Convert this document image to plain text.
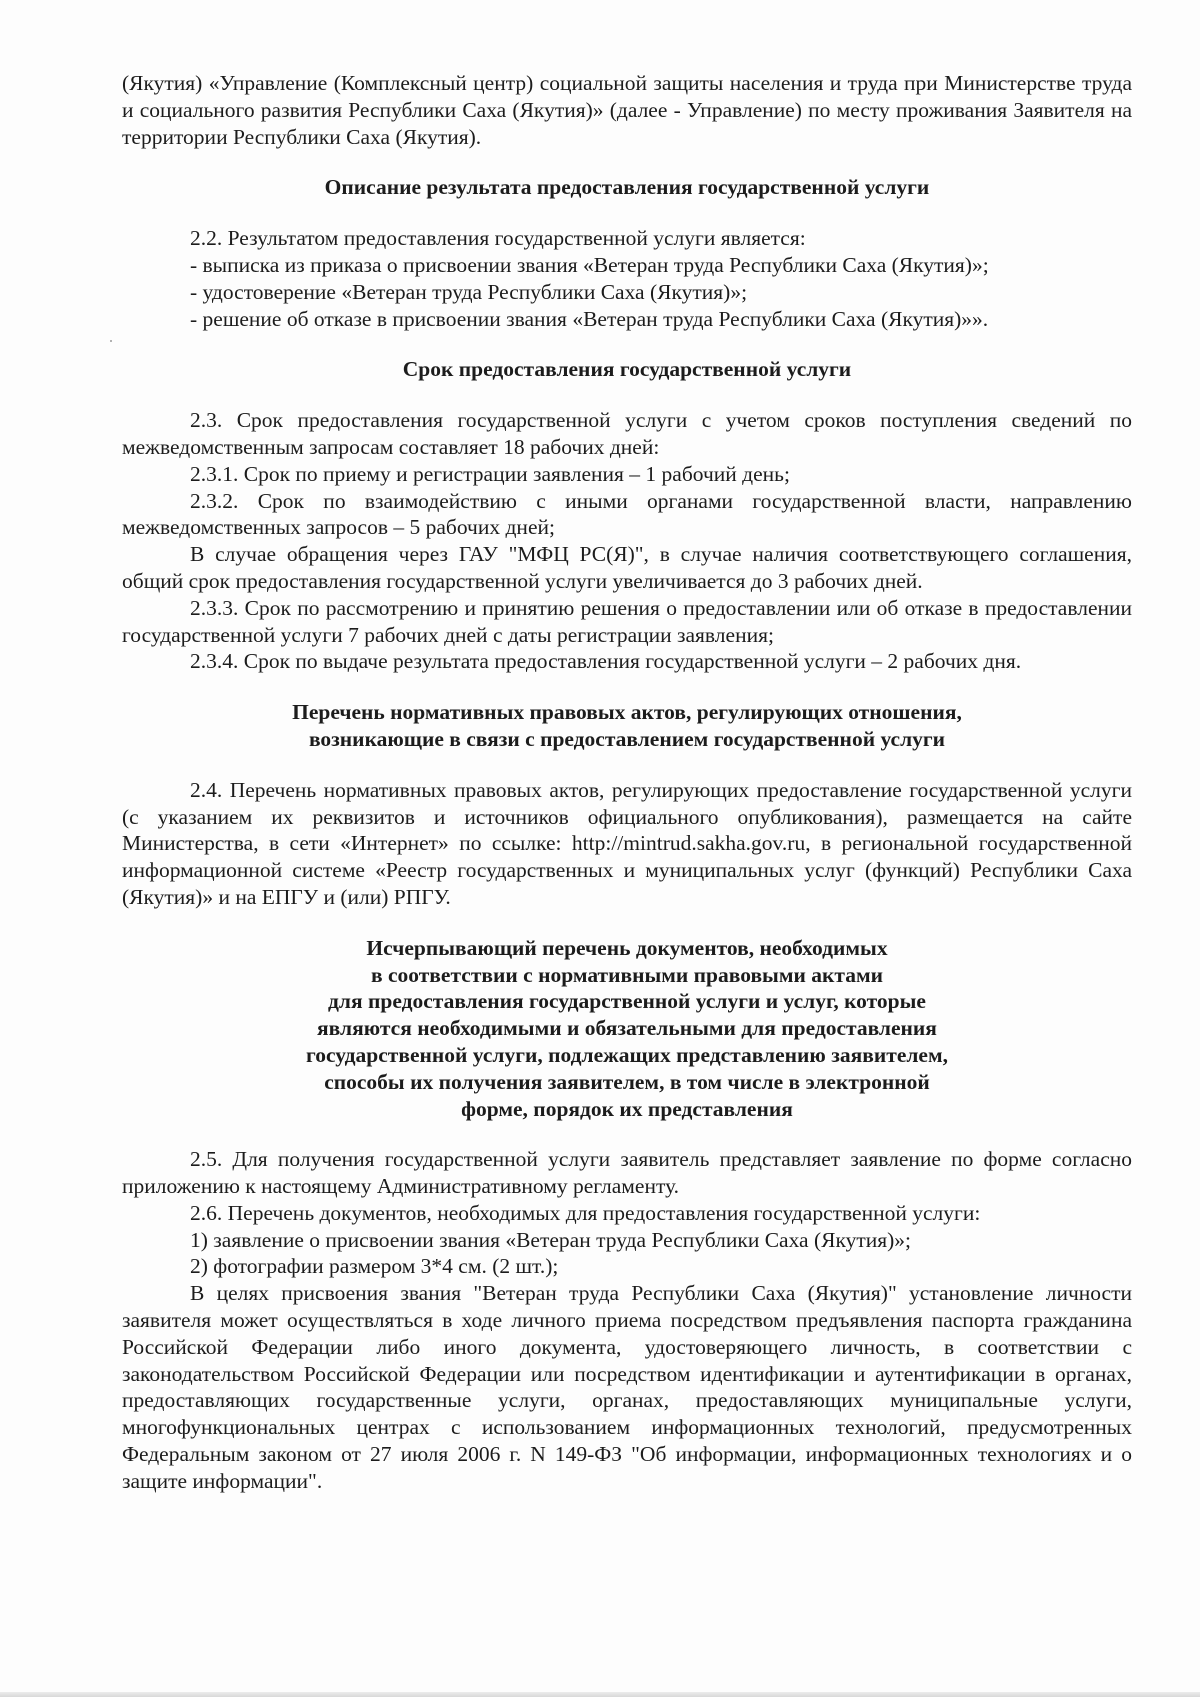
(Якутия) «Управление (Комплексный центр) социальной защиты населения и труда при Министерстве труда и социального развития Республики Саха (Якутия)» (далее - Управление) по месту проживания Заявителя на территории Республики Саха (Якутия).

Описание результата предоставления государственной услуги

2.2. Результатом предоставления государственной услуги является:

- выписка из приказа о присвоении звания «Ветеран труда Республики Саха (Якутия)»;

- удостоверение «Ветеран труда Республики Саха (Якутия)»;

- решение об отказе в присвоении звания «Ветеран труда Республики Саха (Якутия)»».

Срок предоставления государственной услуги

2.3. Срок предоставления государственной услуги с учетом сроков поступления сведений по межведомственным запросам составляет 18 рабочих дней:

2.3.1. Срок по приему и регистрации заявления – 1 рабочий день;

2.3.2. Срок по взаимодействию с иными органами государственной власти, направлению межведомственных запросов – 5 рабочих дней;

В случае обращения через ГАУ "МФЦ РС(Я)", в случае наличия соответствующего соглашения, общий срок предоставления государственной услуги увеличивается до 3 рабочих дней.

2.3.3. Срок по рассмотрению и принятию решения о предоставлении или об отказе в предоставлении государственной услуги 7 рабочих дней с даты регистрации заявления;

2.3.4. Срок по выдаче результата предоставления государственной услуги – 2 рабочих дня.

Перечень нормативных правовых актов, регулирующих отношения,
возникающие в связи с предоставлением государственной услуги

2.4. Перечень нормативных правовых актов, регулирующих предоставление государственной услуги (с указанием их реквизитов и источников официального опубликования), размещается на сайте Министерства, в сети «Интернет» по ссылке: http://mintrud.sakha.gov.ru, в региональной государственной информационной системе «Реестр государственных и муниципальных услуг (функций) Республики Саха (Якутия)» и на ЕПГУ и (или) РПГУ.

Исчерпывающий перечень документов, необходимых
в соответствии с нормативными правовыми актами
для предоставления государственной услуги и услуг, которые
являются необходимыми и обязательными для предоставления
государственной услуги, подлежащих представлению заявителем,
способы их получения заявителем, в том числе в электронной
форме, порядок их представления

2.5. Для получения государственной услуги заявитель представляет заявление по форме согласно приложению к настоящему Административному регламенту.

2.6. Перечень документов, необходимых для предоставления государственной услуги:

1) заявление о присвоении звания «Ветеран труда Республики Саха (Якутия)»;

2) фотографии размером 3*4 см. (2 шт.);

В целях присвоения звания "Ветеран труда Республики Саха (Якутия)" установление личности заявителя может осуществляться в ходе личного приема посредством предъявления паспорта гражданина Российской Федерации либо иного документа, удостоверяющего личность, в соответствии с законодательством Российской Федерации или посредством идентификации и аутентификации в органах, предоставляющих государственные услуги, органах, предоставляющих муниципальные услуги, многофункциональных центрах с использованием информационных технологий, предусмотренных Федеральным законом от 27 июля 2006 г. N 149-ФЗ "Об информации, информационных технологиях и о защите информации".
